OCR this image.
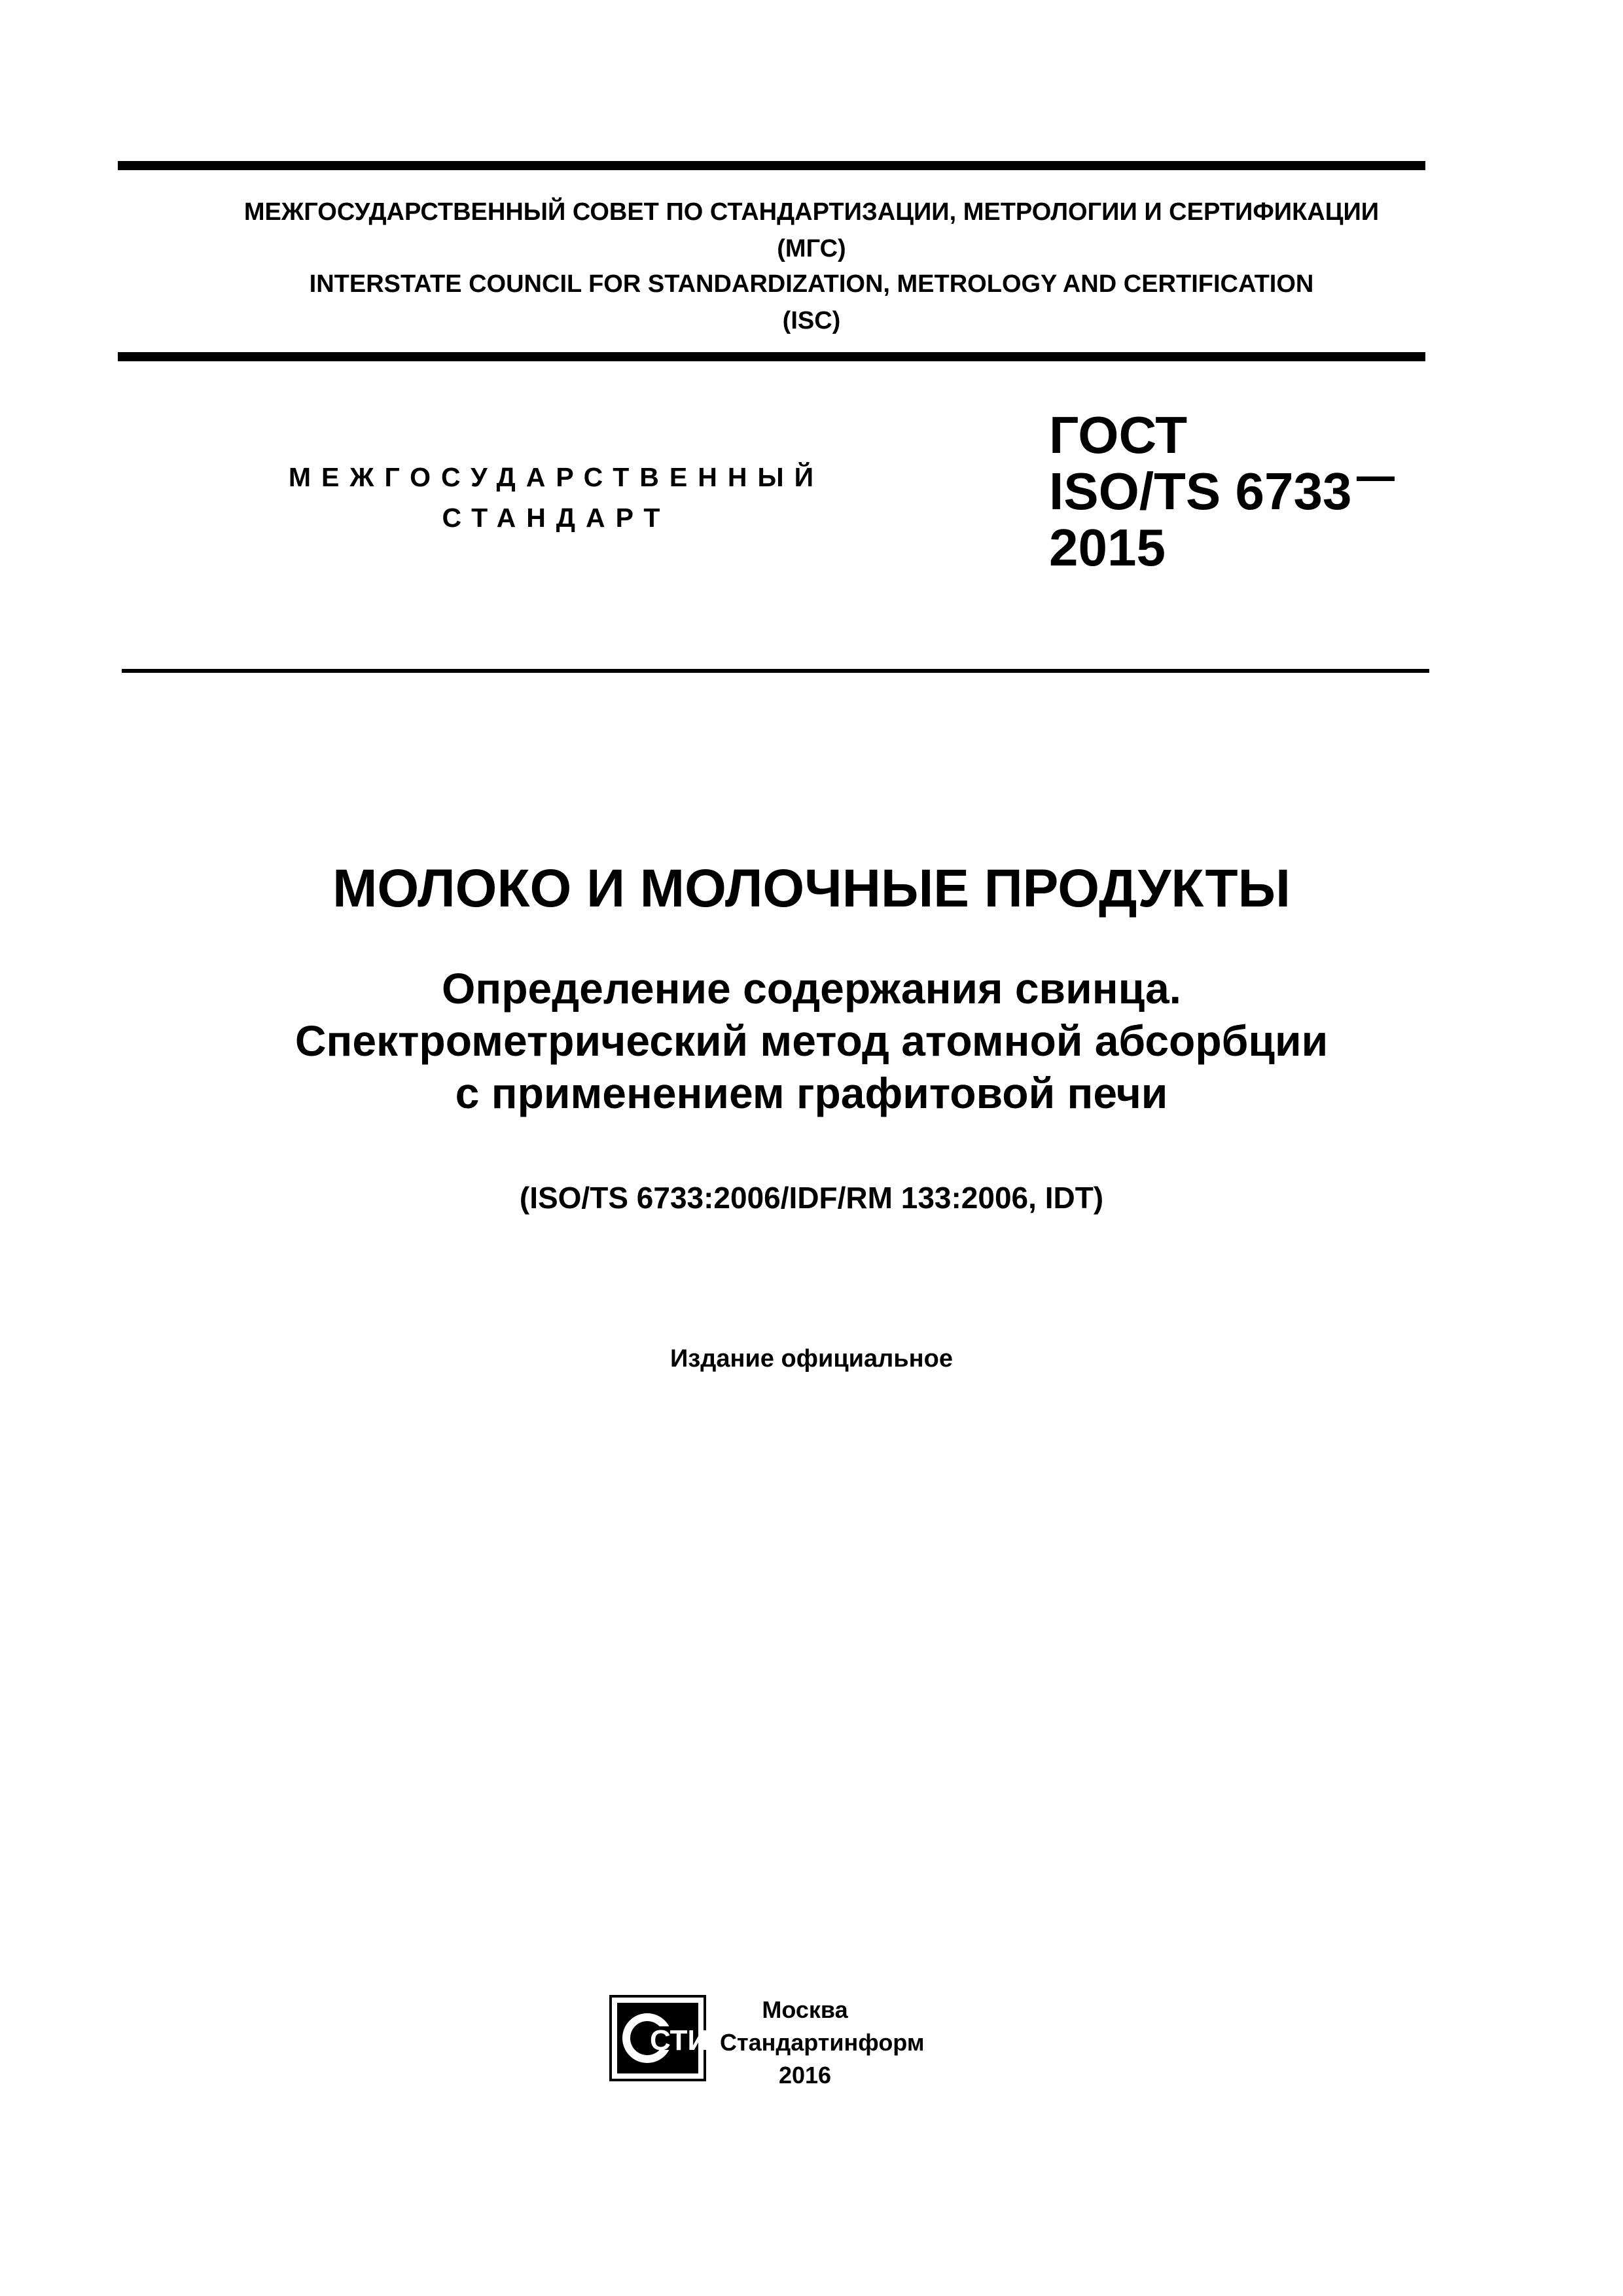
МЕЖГОСУДАРСТВЕННЫЙ СОВЕТ ПО СТАНДАРТИЗАЦИИ, МЕТРОЛОГИИ И СЕРТИФИКАЦИИ
(МГС)
INTERSTATE COUNCIL FOR STANDARDIZATION, METROLOGY AND CERTIFICATION
(ISC)
МЕЖГОСУДАРСТВЕННЫЙ
СТАНДАРТ
ГОСТ
ISO/TS 6733
2015
МОЛОКО И МОЛОЧНЫЕ ПРОДУКТЫ
Определение содержания свинца.
Спектрометрический метод атомной абсорбции
с применением графитовой печи
(ISO/TS 6733:2006/IDF/RM 133:2006, IDT)
Издание официальное
СТИ
Москва
Стандартинформ
2016
